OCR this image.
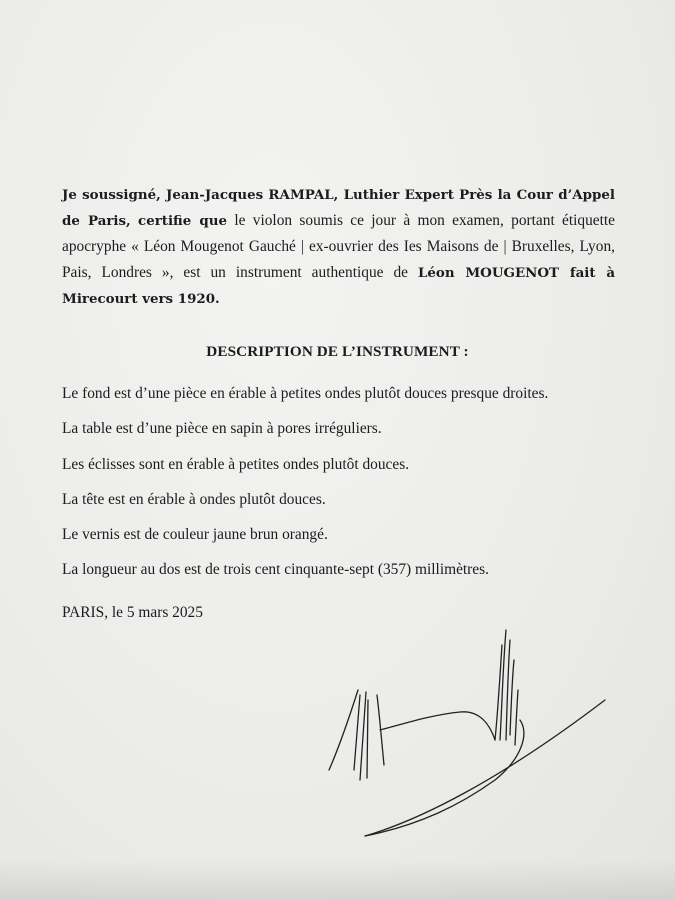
Je soussigné, Jean-Jacques RAMPAL, Luthier Expert Près la Cour d’Appel de Paris, certifie que le violon soumis ce jour à mon examen, portant étiquette apocryphe « Léon Mougenot Gauché | ex-ouvrier des Ies Maisons de | Bruxelles, Lyon, Pais, Londres », est un instrument authentique de Léon MOUGENOT fait à Mirecourt vers 1920.

DESCRIPTION DE L’INSTRUMENT :
Le fond est d’une pièce en érable à petites ondes plutôt douces presque droites.
La table est d’une pièce en sapin à pores irréguliers.
Les éclisses sont en érable à petites ondes plutôt douces.
La tête est en érable à ondes plutôt douces.
Le vernis est de couleur jaune brun orangé.
La longueur au dos est de trois cent cinquante-sept (357) millimètres.

PARIS, le 5 mars 2025
